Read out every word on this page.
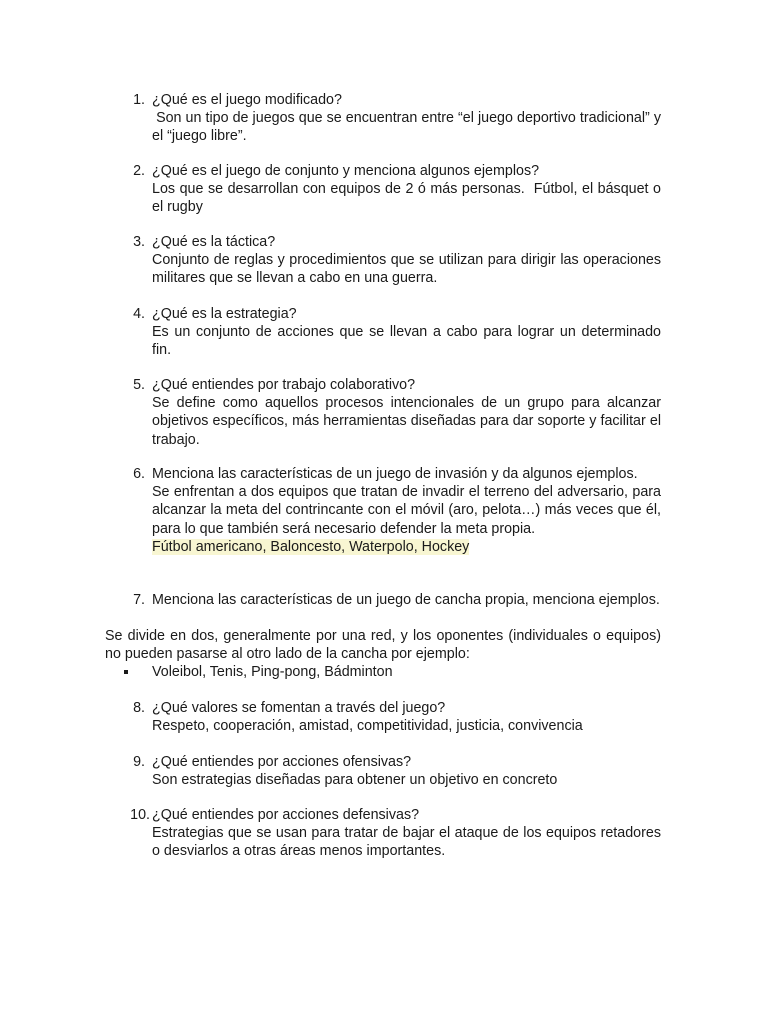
1. ¿Qué es el juego modificado?
Son un tipo de juegos que se encuentran entre “el juego deportivo tradicional” y el “juego libre”.
2. ¿Qué es el juego de conjunto y menciona algunos ejemplos?
Los que se desarrollan con equipos de 2 ó más personas.  Fútbol, el básquet o el rugby
3. ¿Qué es la táctica?
Conjunto de reglas y procedimientos que se utilizan para dirigir las operaciones militares que se llevan a cabo en una guerra.
4. ¿Qué es la estrategia?
Es un conjunto de acciones que se llevan a cabo para lograr un determinado fin.
5. ¿Qué entiendes por trabajo colaborativo?
Se define como aquellos procesos intencionales de un grupo para alcanzar objetivos específicos, más herramientas diseñadas para dar soporte y facilitar el trabajo.
6. Menciona las características de un juego de invasión y da algunos ejemplos.
Se enfrentan a dos equipos que tratan de invadir el terreno del adversario, para alcanzar la meta del contrincante con el móvil (aro, pelota…) más veces que él, para lo que también será necesario defender la meta propia.
Fútbol americano, Baloncesto, Waterpolo, Hockey
7. Menciona las características de un juego de cancha propia, menciona ejemplos.
Se divide en dos, generalmente por una red, y los oponentes (individuales o equipos) no pueden pasarse al otro lado de la cancha por ejemplo:
Voleibol, Tenis, Ping-pong, Bádminton
8. ¿Qué valores se fomentan a través del juego?
Respeto, cooperación, amistad, competitividad, justicia, convivencia
9. ¿Qué entiendes por acciones ofensivas?
Son estrategias diseñadas para obtener un objetivo en concreto
10. ¿Qué entiendes por acciones defensivas?
Estrategias que se usan para tratar de bajar el ataque de los equipos retadores o desviarlos a otras áreas menos importantes.
